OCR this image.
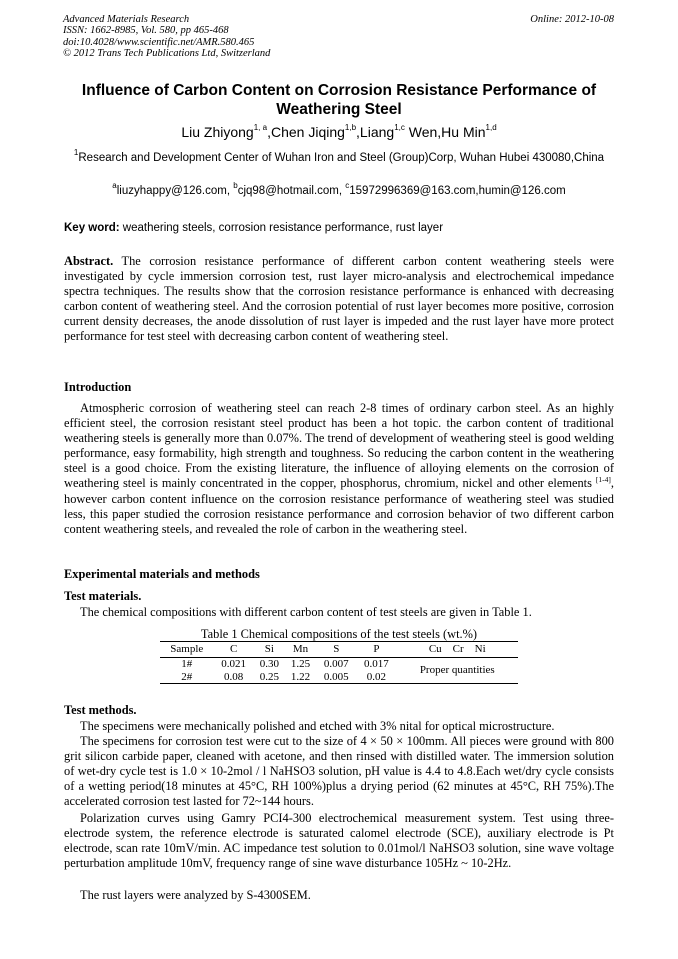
Advanced Materials Research
ISSN: 1662-8985, Vol. 580, pp 465-468
doi:10.4028/www.scientific.net/AMR.580.465
© 2012 Trans Tech Publications Ltd, Switzerland
Online: 2012-10-08
Influence of Carbon Content on Corrosion Resistance Performance of Weathering Steel
Liu Zhiyong$^{1, a}$,Chen Jiqing$^{1,b}$,Liang$^{1,c}$ Wen,Hu Min$^{1,d}$
$^1$Research and Development Center of Wuhan Iron and Steel (Group)Corp, Wuhan Hubei 430080,China
$^a$liuzyhappy@126.com, $^b$cjq98@hotmail.com, $^c$15972996369@163.com,humin@126.com
Key word: weathering steels, corrosion resistance performance, rust layer
Abstract. The corrosion resistance performance of different carbon content weathering steels were investigated by cycle immersion corrosion test, rust layer micro-analysis and electrochemical impedance spectra techniques. The results show that the corrosion resistance performance is enhanced with decreasing carbon content of weathering steel. And the corrosion potential of rust layer becomes more positive, corrosion current density decreases, the anode dissolution of rust layer is impeded and the rust layer have more protect performance for test steel with decreasing carbon content of weathering steel.
Introduction
Atmospheric corrosion of weathering steel can reach 2-8 times of ordinary carbon steel. As an highly efficient steel, the corrosion resistant steel product has been a hot topic. the carbon content of traditional weathering steels is generally more than 0.07%. The trend of development of weathering steel is good welding performance, easy formability, high strength and toughness. So reducing the carbon content in the weathering steel is a good choice. From the existing literature, the influence of alloying elements on the corrosion of weathering steel is mainly concentrated in the copper, phosphorus, chromium, nickel and other elements [1-4], however carbon content influence on the corrosion resistance performance of weathering steel was studied less, this paper studied the corrosion resistance performance and corrosion behavior of two different carbon content weathering steels, and revealed the role of carbon in the weathering steel.
Experimental materials and methods
Test materials.
The chemical compositions with different carbon content of test steels are given in Table 1.
Table 1 Chemical compositions of the test steels (wt.%)
Sample	C	Si	Mn	S	P	Cu Cr Ni
1#	0.021	0.30	1.25	0.007	0.017	Proper quantities
2#	0.08	0.25	1.22	0.005	0.02	
Test methods.
The specimens were mechanically polished and etched with 3% nital for optical microstructure.
The specimens for corrosion test were cut to the size of 4 × 50 × 100mm. All pieces were ground with 800 grit silicon carbide paper, cleaned with acetone, and then rinsed with distilled water. The immersion solution of wet-dry cycle test is 1.0 × 10-2mol / l NaHSO3 solution, pH value is 4.4 to 4.8.Each wet/dry cycle consists of a wetting period(18 minutes at 45°C, RH 100%)plus a drying period (62 minutes at 45°C, RH 75%).The accelerated corrosion test lasted for 72~144 hours.
Polarization curves using Gamry PCI4-300 electrochemical measurement system. Test using three-electrode system, the reference electrode is saturated calomel electrode (SCE), auxiliary electrode is Pt electrode, scan rate 10mV/min. AC impedance test solution to 0.01mol/l NaHSO3 solution, sine wave voltage perturbation amplitude 10mV, frequency range of sine wave disturbance 105Hz ~ 10-2Hz.
The rust layers were analyzed by S-4300SEM.
